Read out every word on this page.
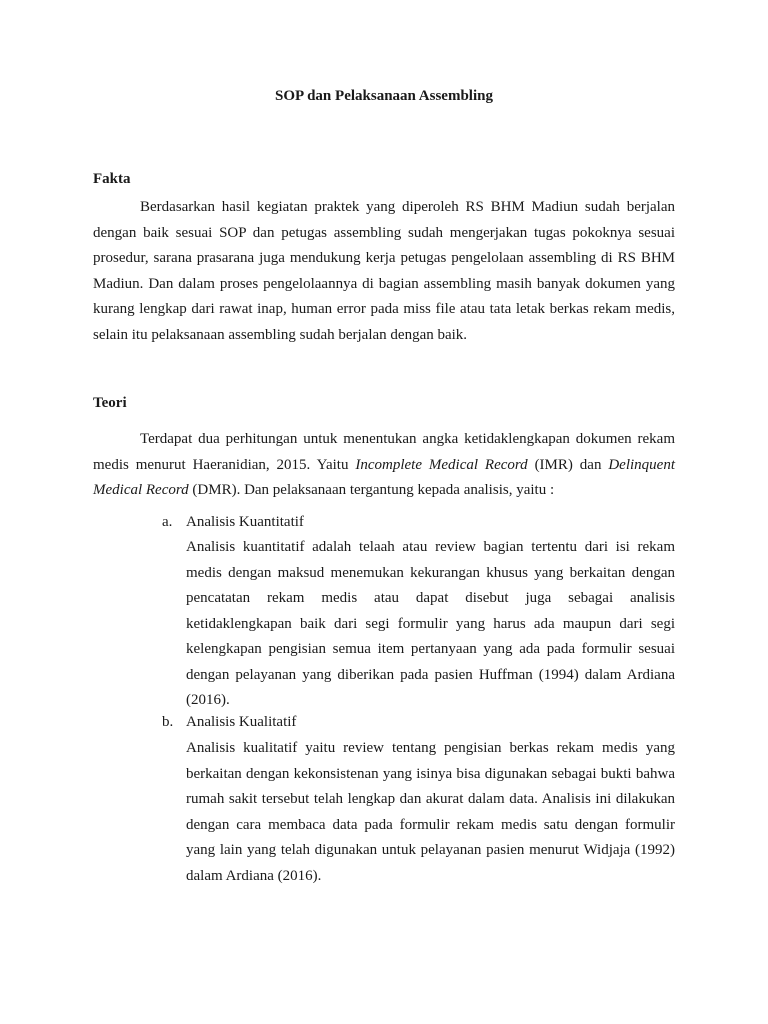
SOP dan Pelaksanaan Assembling
Fakta

Berdasarkan hasil kegiatan praktek yang diperoleh RS BHM Madiun sudah berjalan dengan baik sesuai SOP dan petugas assembling sudah mengerjakan tugas pokoknya sesuai prosedur, sarana prasarana juga mendukung kerja petugas pengelolaan assembling di RS BHM Madiun. Dan dalam proses pengelolaannya di bagian assembling masih banyak dokumen yang kurang lengkap dari rawat inap, human error pada miss file atau tata letak berkas rekam medis, selain itu pelaksanaan assembling sudah berjalan dengan baik.

Teori

Terdapat dua perhitungan untuk menentukan angka ketidaklengkapan dokumen rekam medis menurut Haeranidian, 2015. Yaitu Incomplete Medical Record (IMR) dan Delinquent Medical Record (DMR). Dan pelaksanaan tergantung kepada analisis, yaitu :

a. Analisis Kuantitatif

Analisis kuantitatif adalah telaah atau review bagian tertentu dari isi rekam medis dengan maksud menemukan kekurangan khusus yang berkaitan dengan pencatatan rekam medis atau dapat disebut juga sebagai analisis ketidaklengkapan baik dari segi formulir yang harus ada maupun dari segi kelengkapan pengisian semua item pertanyaan yang ada pada formulir sesuai dengan pelayanan yang diberikan pada pasien Huffman (1994) dalam Ardiana (2016).

b. Analisis Kualitatif

Analisis kualitatif yaitu review tentang pengisian berkas rekam medis yang berkaitan dengan kekonsistenan yang isinya bisa digunakan sebagai bukti bahwa rumah sakit tersebut telah lengkap dan akurat dalam data. Analisis ini dilakukan dengan cara membaca data pada formulir rekam medis satu dengan formulir yang lain yang telah digunakan untuk pelayanan pasien menurut Widjaja (1992) dalam Ardiana (2016).
